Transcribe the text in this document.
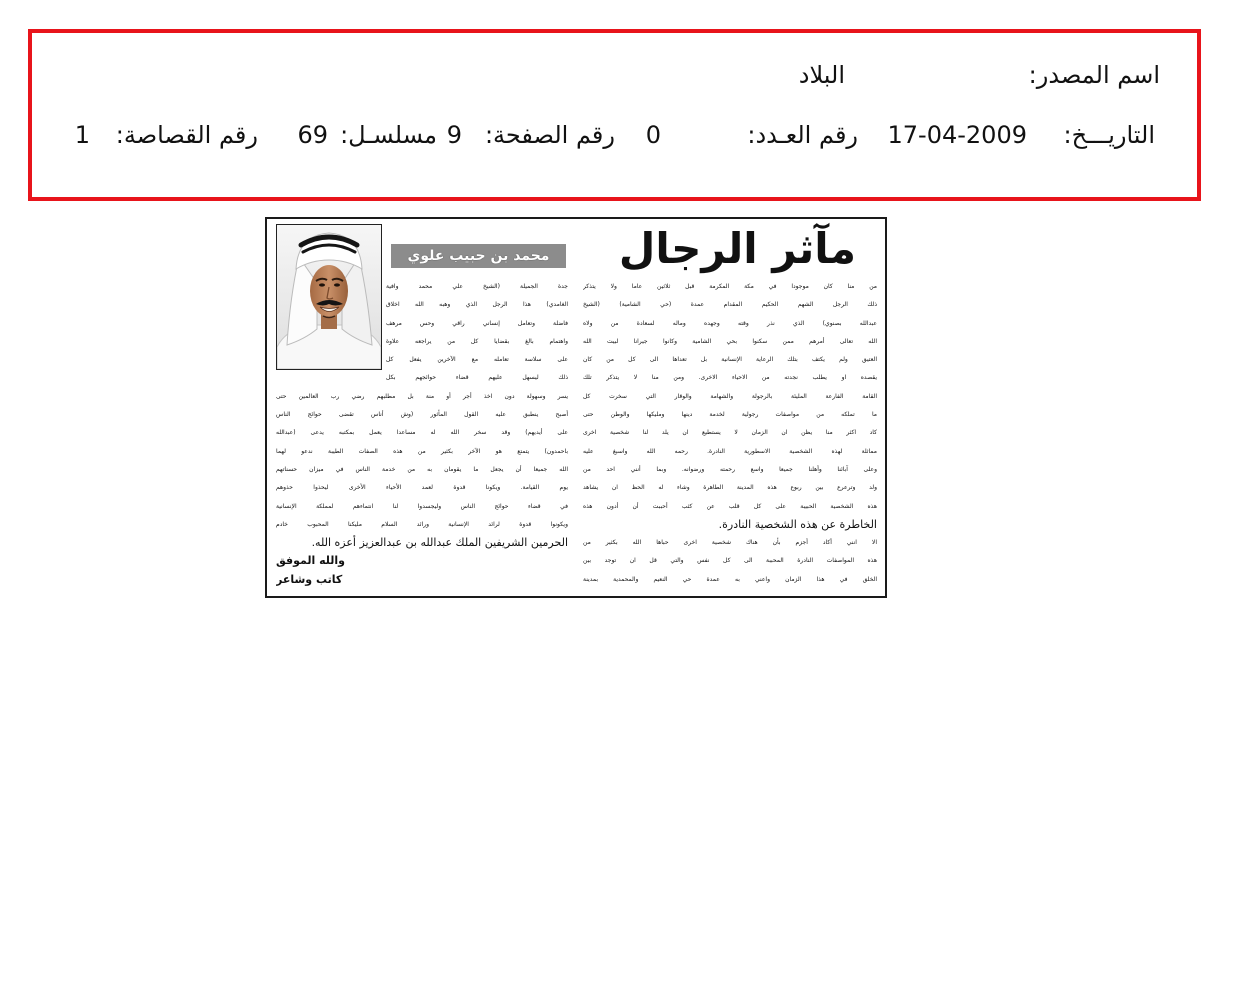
اسم المصدر:
البلاد
التاريـــخ:
17-04-2009
رقم العـدد:
0
رقم الصفحة:
9
مسلسـل:
69
رقم القصاصة:
1
مآثر الرجال
محمد بن حبيب علوي
من منا كان موجودا في مكة المكرمة قبل ثلاثين عاما ولا يتذكر
ذلك الرجل الشهم الحكيم المقدام عمدة (حي الشامية) (الشيخ
عبدالله بصنوي) الذي نذر وقته وجهده وماله لسعادة من ولاه
الله تعالى أمرهم ممن سكنوا بحي الشامية وكانوا جيرانا لبيت الله
العتيق ولم يكتف بتلك الرعاية الإنسانية بل تعداها الى كل من كان
يقصده او يطلب نجدته من الاحياء الاخرى. ومن منا لا يتذكر تلك
القامة الفارعة المليئة بالرجولة والشهامة والوقار التي سخرت كل
ما تملكه من مواصفات رجولية لخدمة دينها ومليكها والوطن حتى
كاد اكثر منا يظن ان الزمان لا يستطيع ان يلد لنا شخصية اخرى
مماثلة لهذه الشخصية الاسطورية النادرة. رحمه الله واسبغ عليه
وعلى آبائنا وأهلنا جميعا واسع رحمته ورضوانه. وبما أنني احد من
ولد وترعرع بين ربوع هذه المدينة الطاهرة وشاء له الحظ ان يشاهد
هذه الشخصية الحبيبة على كل قلب عن كثب أحببت أن أدون هذه
الخاطرة عن هذه الشخصية النادرة.
الا انني أكاد أجزم بأن هناك شخصية اخرى حباها الله بكثير من
هذه المواصفات النادرة المحببة الى كل نفس والتي قل ان توجد بين
الخلق في هذا الزمان واعني به عمدة حي النعيم والمحمدية بمدينة
جدة الجميلة (الشيخ علي محمد وافية
الغامدي) هذا الرجل الذي وهبه الله اخلاق
فاضلة وتعامل إنساني راقي وحس مرهف
واهتمام بالغ بقضايا كل من يراجعه علاوة
على سلاسة تعامله مع الآخرين يفعل كل
ذلك ليسهل عليهم قضاء حوائجهم بكل
يسر وسهولة دون اخذ أجر أو منة بل مطلبهم رضي رب العالمين حتى
أصبح ينطبق عليه القول المأثور (وش أناس تقضى حوائج الناس
على أيديهم) وقد سخر الله له مساعدا يعمل بمكتبه يدعى (عبدالله
باحمدون) يتمتع هو الآخر بكثير من هذه الصفات الطيبة ندعو لهما
الله جميعا أن يجعل ما يقومان به من خدمة الناس في ميزان حسناتهم
يوم القيامة. ويكونا قدوة لعمد الأحياء الأخرى ليحذوا حذوهم
في قضاء حوائج الناس وليجسدوا لنا انتماءهم لمملكة الإنسانية
ويكونوا قدوة لرائد الإنسانية ورائد السلام مليكنا المحبوب خادم
الحرمين الشريفين الملك عبدالله بن عبدالعزيز أعزه الله.
والله الموفق
كاتب وشاعر
